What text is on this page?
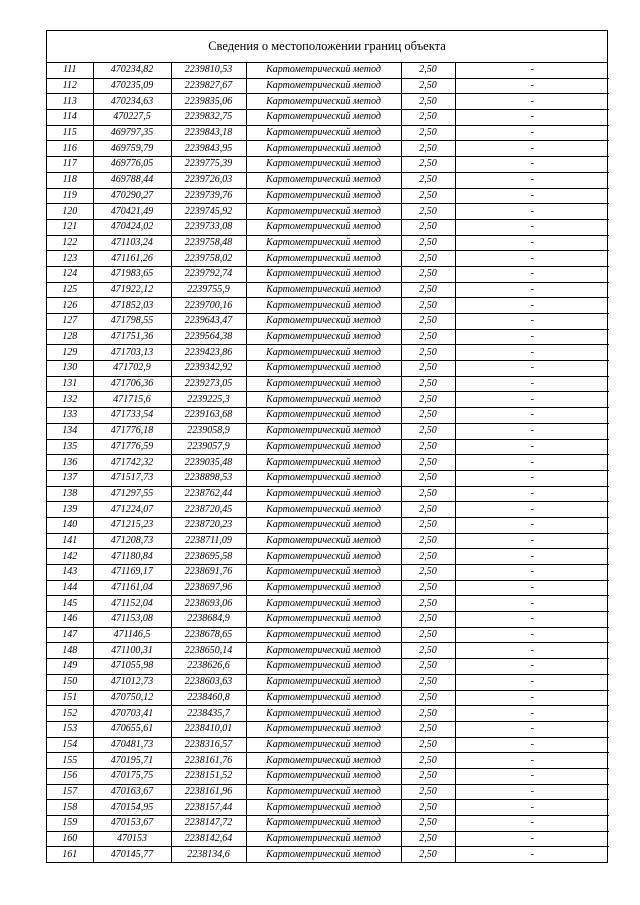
Сведения о местоположении границ объекта
111	470234,82	2239810,53	Картометрический метод	2,50	-
112	470235,09	2239827,67	Картометрический метод	2,50	-
113	470234,63	2239835,06	Картометрический метод	2,50	-
114	470227,5	2239832,75	Картометрический метод	2,50	-
115	469797,35	2239843,18	Картометрический метод	2,50	-
116	469759,79	2239843,95	Картометрический метод	2,50	-
117	469776,05	2239775,39	Картометрический метод	2,50	-
118	469788,44	2239726,03	Картометрический метод	2,50	-
119	470290,27	2239739,76	Картометрический метод	2,50	-
120	470421,49	2239745,92	Картометрический метод	2,50	-
121	470424,02	2239733,08	Картометрический метод	2,50	-
122	471103,24	2239758,48	Картометрический метод	2,50	-
123	471161,26	2239758,02	Картометрический метод	2,50	-
124	471983,65	2239792,74	Картометрический метод	2,50	-
125	471922,12	2239755,9	Картометрический метод	2,50	-
126	471852,03	2239700,16	Картометрический метод	2,50	-
127	471798,55	2239643,47	Картометрический метод	2,50	-
128	471751,36	2239564,38	Картометрический метод	2,50	-
129	471703,13	2239423,86	Картометрический метод	2,50	-
130	471702,9	2239342,92	Картометрический метод	2,50	-
131	471706,36	2239273,05	Картометрический метод	2,50	-
132	471715,6	2239225,3	Картометрический метод	2,50	-
133	471733,54	2239163,68	Картометрический метод	2,50	-
134	471776,18	2239058,9	Картометрический метод	2,50	-
135	471776,59	2239057,9	Картометрический метод	2,50	-
136	471742,32	2239035,48	Картометрический метод	2,50	-
137	471517,73	2238898,53	Картометрический метод	2,50	-
138	471297,55	2238762,44	Картометрический метод	2,50	-
139	471224,07	2238720,45	Картометрический метод	2,50	-
140	471215,23	2238720,23	Картометрический метод	2,50	-
141	471208,73	2238711,09	Картометрический метод	2,50	-
142	471180,84	2238695,58	Картометрический метод	2,50	-
143	471169,17	2238691,76	Картометрический метод	2,50	-
144	471161,04	2238697,96	Картометрический метод	2,50	-
145	471152,04	2238693,06	Картометрический метод	2,50	-
146	471153,08	2238684,9	Картометрический метод	2,50	-
147	471146,5	2238678,65	Картометрический метод	2,50	-
148	471100,31	2238650,14	Картометрический метод	2,50	-
149	471055,98	2238626,6	Картометрический метод	2,50	-
150	471012,73	2238603,63	Картометрический метод	2,50	-
151	470750,12	2238460,8	Картометрический метод	2,50	-
152	470703,41	2238435,7	Картометрический метод	2,50	-
153	470655,61	2238410,01	Картометрический метод	2,50	-
154	470481,73	2238316,57	Картометрический метод	2,50	-
155	470195,71	2238161,76	Картометрический метод	2,50	-
156	470175,75	2238151,52	Картометрический метод	2,50	-
157	470163,67	2238161,96	Картометрический метод	2,50	-
158	470154,95	2238157,44	Картометрический метод	2,50	-
159	470153,67	2238147,72	Картометрический метод	2,50	-
160	470153	2238142,64	Картометрический метод	2,50	-
161	470145,77	2238134,6	Картометрический метод	2,50	-
